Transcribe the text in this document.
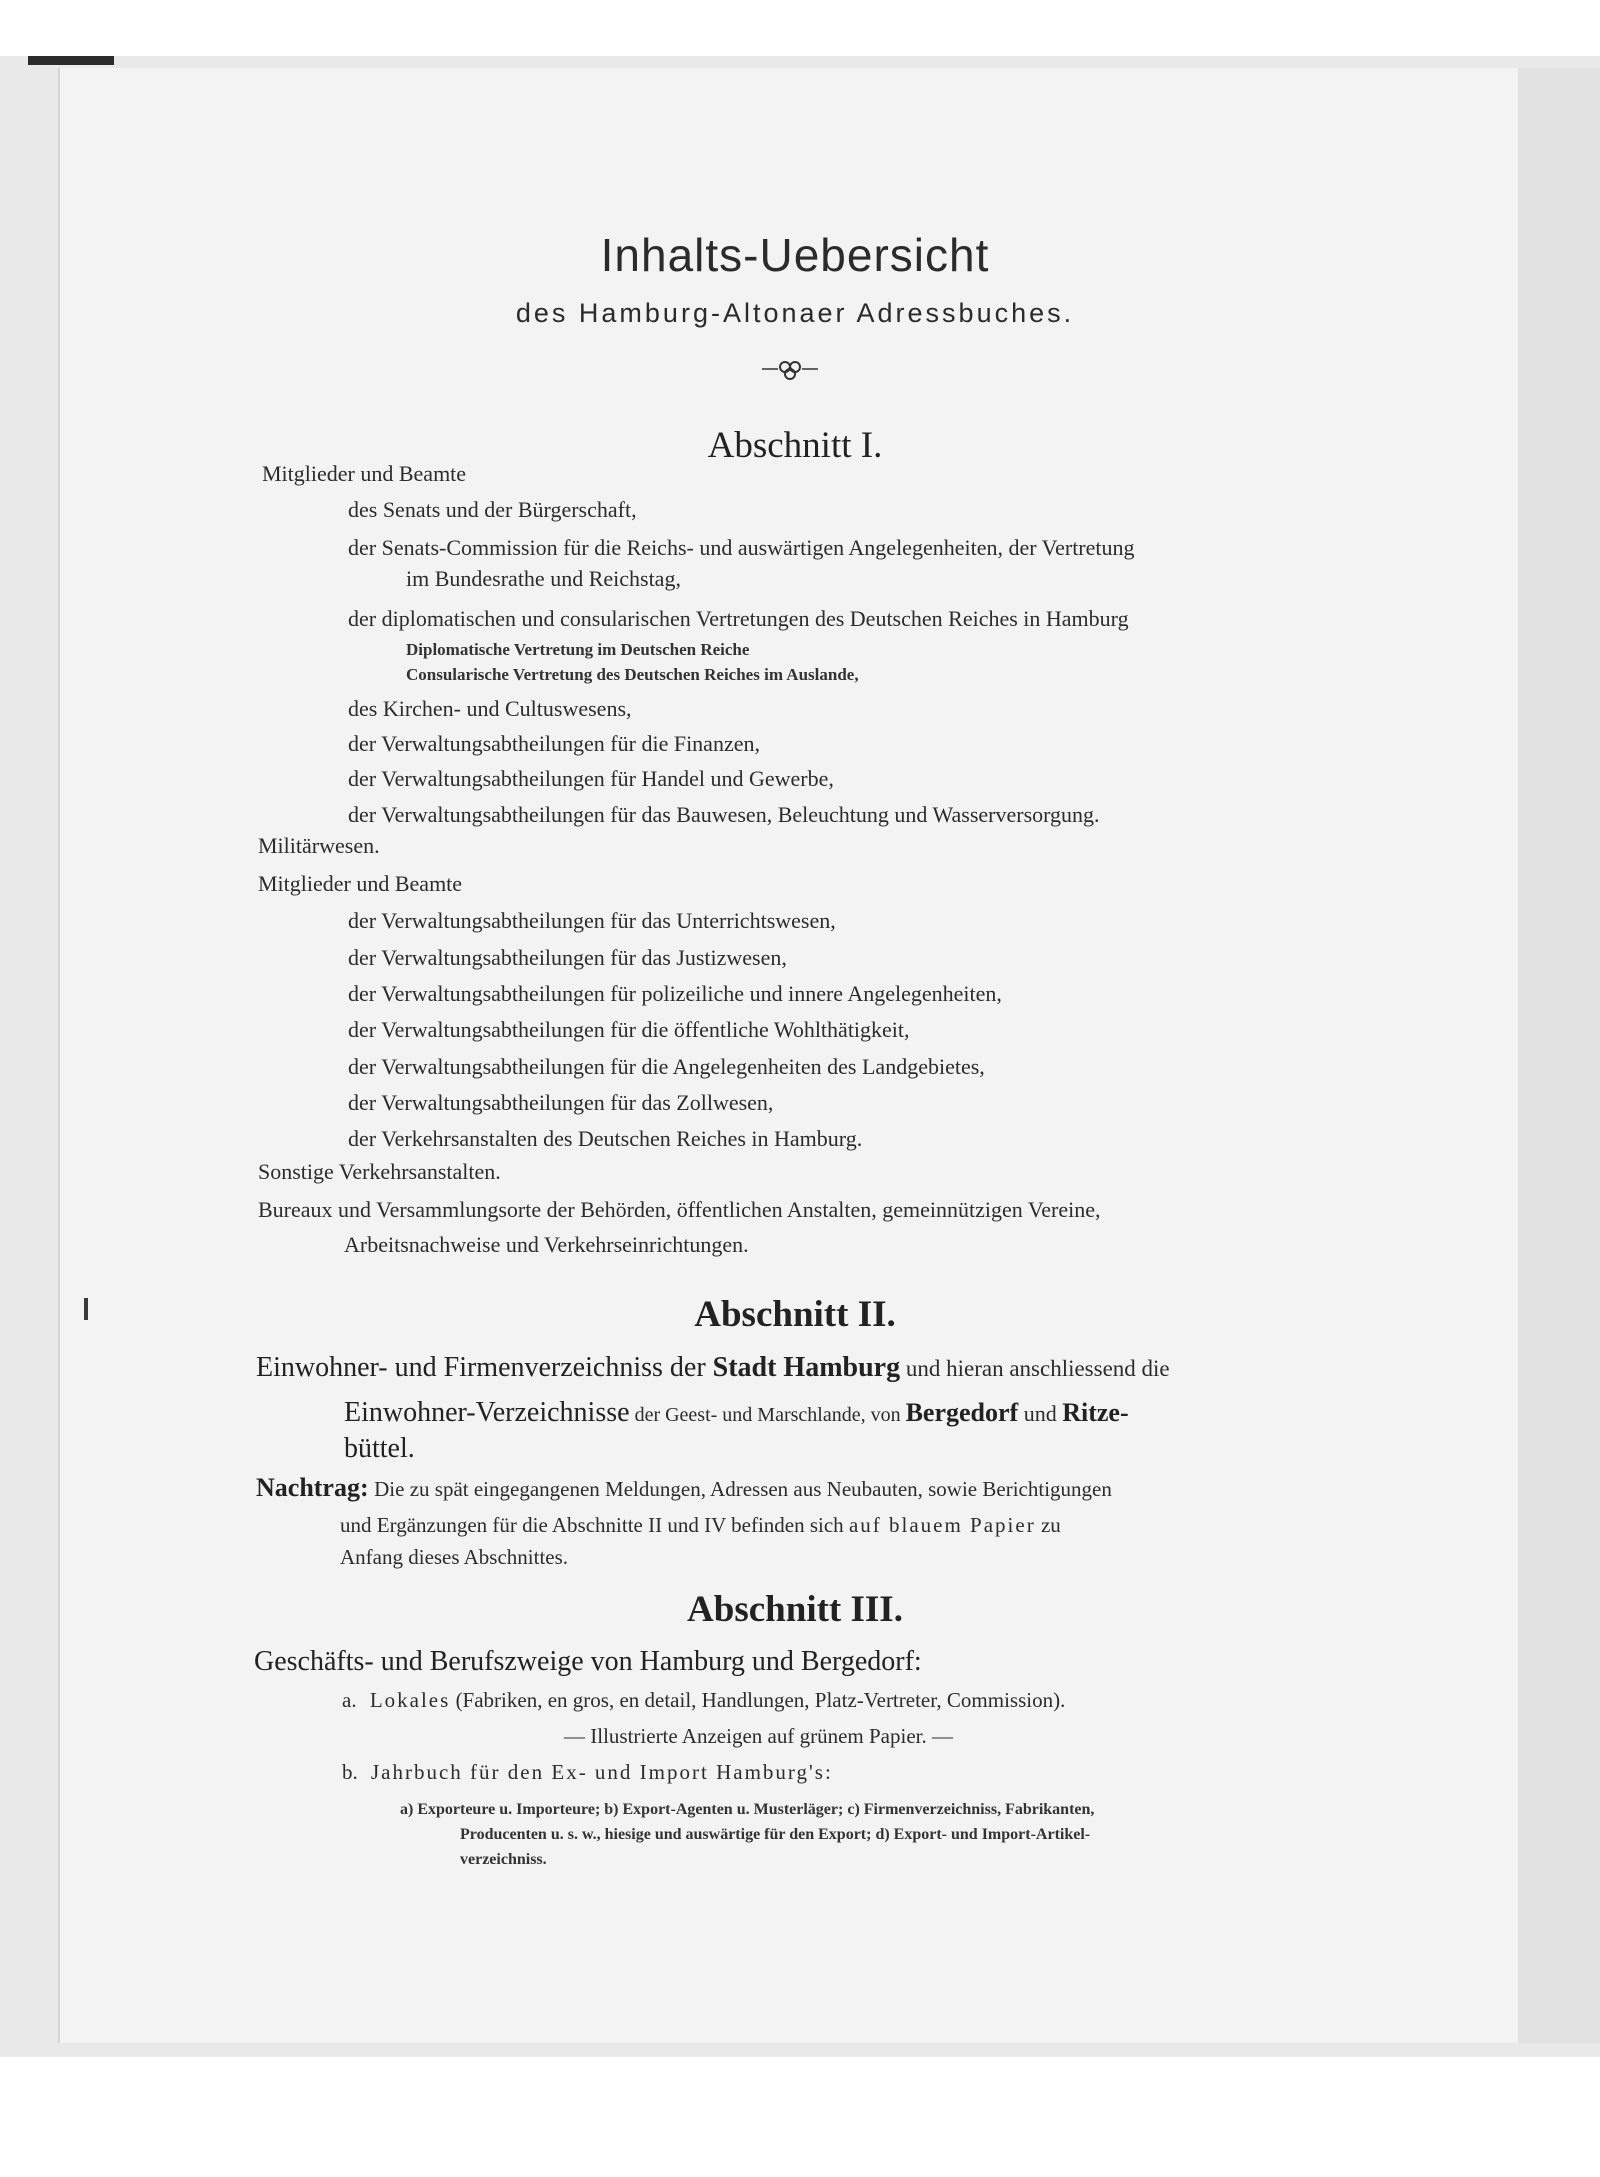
Inhalts-Uebersicht
des Hamburg-Altonaer Adressbuches.
Abschnitt I.
Mitglieder und Beamte
des Senats und der Bürgerschaft,
der Senats-Commission für die Reichs- und auswärtigen Angelegenheiten, der Vertretung
im Bundesrathe und Reichstag,
der diplomatischen und consularischen Vertretungen des Deutschen Reiches in Hamburg
Diplomatische Vertretung im Deutschen Reiche
Consularische Vertretung des Deutschen Reiches im Auslande,
des Kirchen- und Cultuswesens,
der Verwaltungsabtheilungen für die Finanzen,
der Verwaltungsabtheilungen für Handel und Gewerbe,
der Verwaltungsabtheilungen für das Bauwesen, Beleuchtung und Wasserversorgung.
Militärwesen.
Mitglieder und Beamte
der Verwaltungsabtheilungen für das Unterrichtswesen,
der Verwaltungsabtheilungen für das Justizwesen,
der Verwaltungsabtheilungen für polizeiliche und innere Angelegenheiten,
der Verwaltungsabtheilungen für die öffentliche Wohlthätigkeit,
der Verwaltungsabtheilungen für die Angelegenheiten des Landgebietes,
der Verwaltungsabtheilungen für das Zollwesen,
der Verkehrsanstalten des Deutschen Reiches in Hamburg.
Sonstige Verkehrsanstalten.
Bureaux und Versammlungsorte der Behörden, öffentlichen Anstalten, gemeinnützigen Vereine,
Arbeitsnachweise und Verkehrseinrichtungen.
Abschnitt II.
Einwohner- und Firmenverzeichniss der Stadt Hamburg und hieran anschliessend die
Einwohner-Verzeichnisse der Geest- und Marschlande, von Bergedorf und Ritze-
büttel.
Nachtrag: Die zu spät eingegangenen Meldungen, Adressen aus Neubauten, sowie Berichtigungen
und Ergänzungen für die Abschnitte II und IV befinden sich auf blauem Papier zu
Anfang dieses Abschnittes.
Abschnitt III.
Geschäfts- und Berufszweige von Hamburg und Bergedorf:
a. Lokales (Fabriken, en gros, en detail, Handlungen, Platz-Vertreter, Commission).
— Illustrierte Anzeigen auf grünem Papier. —
b. Jahrbuch für den Ex- und Import Hamburg's:
a) Exporteure u. Importeure; b) Export-Agenten u. Musterläger; c) Firmenverzeichniss, Fabrikanten,
Producenten u. s. w., hiesige und auswärtige für den Export; d) Export- und Import-Artikel-
verzeichniss.
